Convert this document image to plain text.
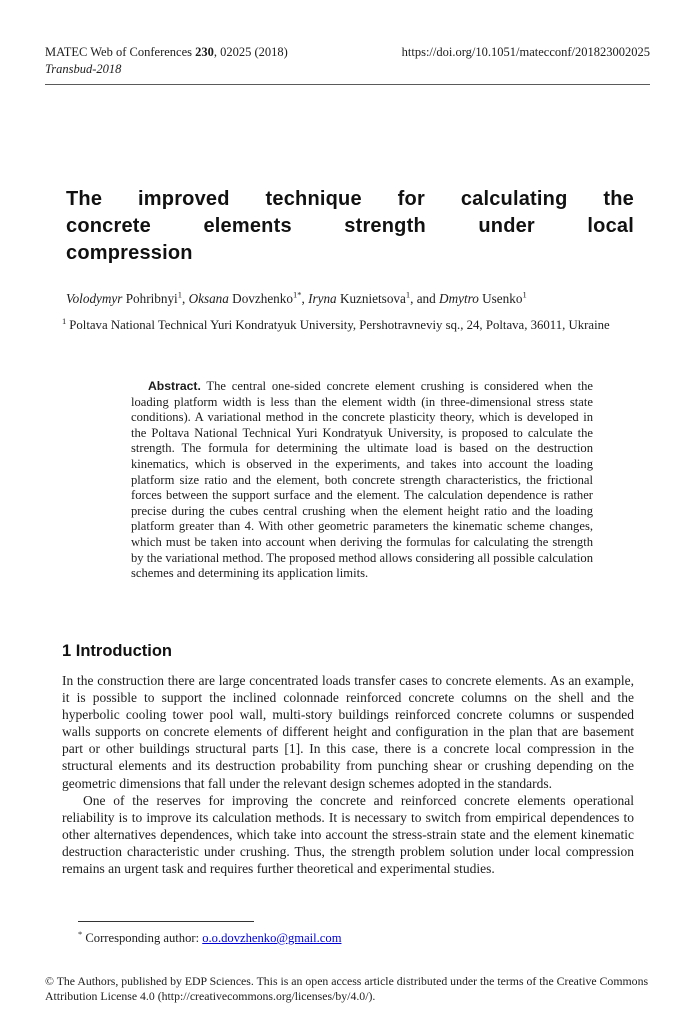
MATEC Web of Conferences 230, 02025 (2018)	https://doi.org/10.1051/matecconf/201823002025
Transbud-2018
The improved technique for calculating the
concrete elements strength under local
compression
Volodymyr Pohribnyi$^1$, Oksana Dovzhenko$^{1*}$, Iryna Kuznietsova$^1$, and Dmytro Usenko$^1$
$^1$ Poltava National Technical Yuri Kondratyuk University, Pershotravneviy sq., 24, Poltava, 36011, Ukraine

Abstract. The central one-sided concrete element crushing is considered when the loading platform width is less than the element width (in three-dimensional stress state conditions). A variational method in the concrete plasticity theory, which is developed in the Poltava National Technical Yuri Kondratyuk University, is proposed to calculate the strength. The formula for determining the ultimate load is based on the destruction kinematics, which is observed in the experiments, and takes into account the loading platform size ratio and the element, both concrete strength characteristics, the frictional forces between the support surface and the element. The calculation dependence is rather precise during the cubes central crushing when the element height ratio and the loading platform greater than 4. With other geometric parameters the kinematic scheme changes, which must be taken into account when deriving the formulas for calculating the strength by the variational method. The proposed method allows considering all possible calculation schemes and determining its application limits.

1 Introduction

In the construction there are large concentrated loads transfer cases to concrete elements. As an example, it is possible to support the inclined colonnade reinforced concrete columns on the shell and the hyperbolic cooling tower pool wall, multi-story buildings reinforced concrete columns or suspended walls supports on concrete elements of different height and configuration in the plan that are basement part or other buildings structural parts [1]. In this case, there is a concrete local compression in the structural elements and its destruction probability from punching shear or crushing depending on the geometric dimensions that fall under the relevant design schemes adopted in the standards.

One of the reserves for improving the concrete and reinforced concrete elements operational reliability is to improve its calculation methods. It is necessary to switch from empirical dependences to other alternatives dependences, which take into account the stress-strain state and the element kinematic destruction characteristic under crushing. Thus, the strength problem solution under local compression remains an urgent task and requires further theoretical and experimental studies.

* Corresponding author: o.o.dovzhenko@gmail.com
© The Authors, published by EDP Sciences. This is an open access article distributed under the terms of the Creative Commons Attribution License 4.0 (http://creativecommons.org/licenses/by/4.0/).
